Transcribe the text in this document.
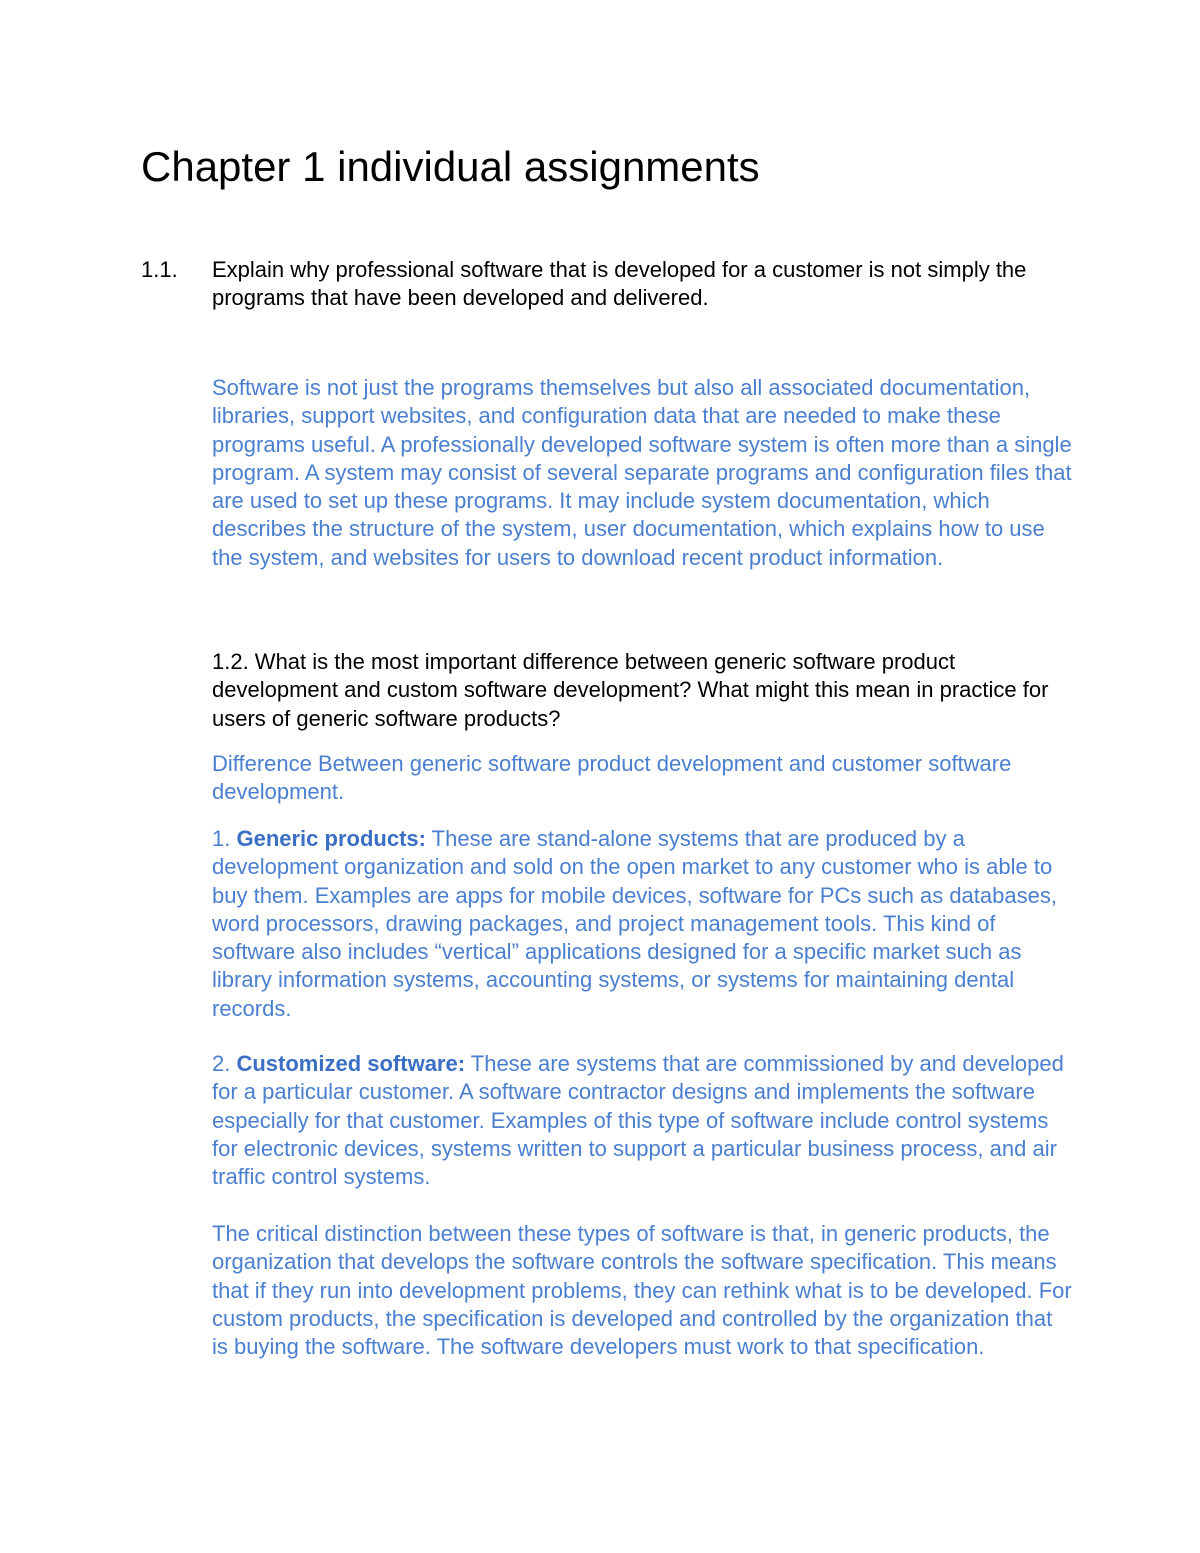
Chapter 1 individual assignments
1.1. Explain why professional software that is developed for a customer is not simply the programs that have been developed and delivered.

Software is not just the programs themselves but also all associated documentation, libraries, support websites, and configuration data that are needed to make these programs useful. A professionally developed software system is often more than a single program. A system may consist of several separate programs and configuration files that are used to set up these programs. It may include system documentation, which describes the structure of the system, user documentation, which explains how to use the system, and websites for users to download recent product information.

1.2. What is the most important difference between generic software product development and custom software development? What might this mean in practice for users of generic software products?

Difference Between generic software product development and customer software development.

1. Generic products: These are stand-alone systems that are produced by a development organization and sold on the open market to any customer who is able to buy them. Examples are apps for mobile devices, software for PCs such as databases, word processors, drawing packages, and project management tools. This kind of software also includes “vertical” applications designed for a specific market such as library information systems, accounting systems, or systems for maintaining dental records.

2. Customized software: These are systems that are commissioned by and developed for a particular customer. A software contractor designs and implements the software especially for that customer. Examples of this type of software include control systems for electronic devices, systems written to support a particular business process, and air traffic control systems.

The critical distinction between these types of software is that, in generic products, the organization that develops the software controls the software specification. This means that if they run into development problems, they can rethink what is to be developed. For custom products, the specification is developed and controlled by the organization that is buying the software. The software developers must work to that specification.
